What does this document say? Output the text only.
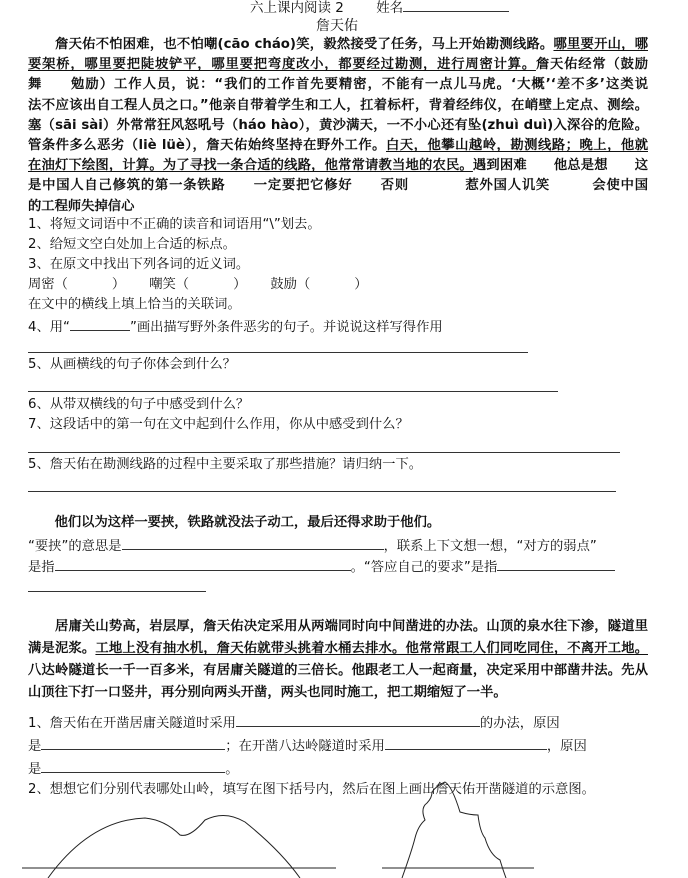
六上课内阅读 2 姓名
詹天佑
　　詹天佑不怕困难，也不怕嘲(cāo cháo)笑，毅然接受了任务，马上开始勘测线路。哪里要开山，哪
要架桥，哪里要把陡坡铲平，哪里要把弯度改小，都要经过勘测，进行周密计算。詹天佑经常（鼓励　　
舞　　勉励）工作人员，说：“我们的工作首先要精密，不能有一点儿马虎。‘大概’‘差不多’这类说
法不应该出自工程人员之口。”他亲自带着学生和工人，扛着标杆，背着经纬仪，在峭壁上定点、测绘。
塞（sāi sài）外常常狂风怒吼号（háo hào），黄沙满天，一不小心还有坠(zhuì duì)入深谷的危险。
管条件多么恶劣（liè lüè），詹天佑始终坚持在野外工作。白天，他攀山越岭，勘测线路；晚上，他就
在油灯下绘图，计算。为了寻找一条合适的线路，他常常请教当地的农民。遇到困难　　他总是想　　这
是中国人自己修筑的第一条铁路　　一定要把它修好　　否则　　　　惹外国人讥笑　　　会使中国
的工程师失掉信心
1、将短文词语中不正确的读音和词语用“\”划去。
2、给短文空白处加上合适的标点。
3、在原文中找出下列各词的近义词。
周密（	） 嘲笑（	） 鼓励（	）
在文中的横线上填上恰当的关联词。
4、用“	”画出描写野外条件恶劣的句子。并说说这样写得作用
5、从画横线的句子你体会到什么？
6、从带双横线的句子中感受到什么？
7、这段话中的第一句在文中起到什么作用，你从中感受到什么？
5、詹天佑在勘测线路的过程中主要采取了那些措施？请归纳一下。
　　他们以为这样一要挟，铁路就没法子动工，最后还得求助于他们。
“要挟”的意思是	，联系上下文想一想，“对方的弱点”
是指	。“答应自己的要求”是指
　　居庸关山势高，岩层厚，詹天佑决定采用从两端同时向中间凿进的办法。山顶的泉水往下渗，隧道里
满是泥浆。工地上没有抽水机，詹天佑就带头挑着水桶去排水。他常常跟工人们同吃同住，不离开工地。
八达岭隧道长一千一百多米，有居庸关隧道的三倍长。他跟老工人一起商量，决定采用中部凿井法。先从
山顶往下打一口竖井，再分别向两头开凿，两头也同时施工，把工期缩短了一半。
1、詹天佑在开凿居庸关隧道时采用	的办法，原因
是	；在开凿八达岭隧道时采用	，原因
是	。
2、想想它们分别代表哪处山岭，填写在图下括号内，然后在图上画出詹天佑开凿隧道的示意图。
